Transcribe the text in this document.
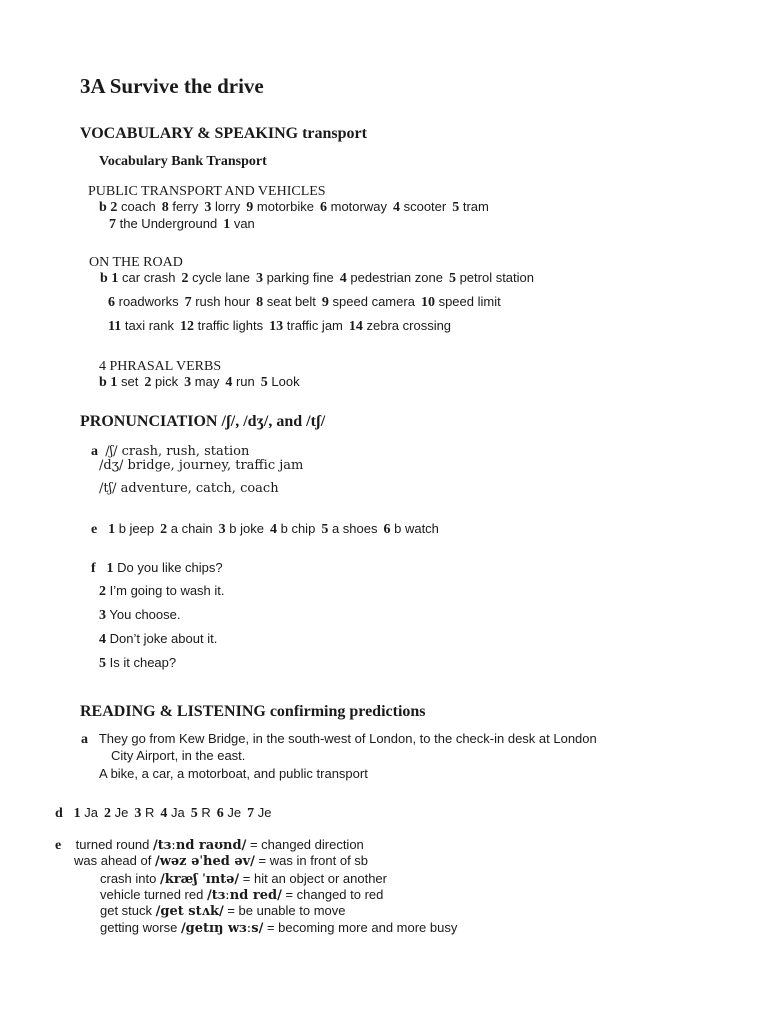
3A Survive the drive
VOCABULARY & SPEAKING transport
Vocabulary Bank Transport
PUBLIC TRANSPORT AND VEHICLES
b 2 coach 8 ferry 3 lorry 9 motorbike 6 motorway 4 scooter 5 tram
7 the Underground 1 van
ON THE ROAD
b 1 car crash 2 cycle lane 3 parking fine 4 pedestrian zone 5 petrol station
6 roadworks 7 rush hour 8 seat belt 9 speed camera 10 speed limit
11 taxi rank 12 traffic lights 13 traffic jam 14 zebra crossing
4 PHRASAL VERBS
b 1 set 2 pick 3 may 4 run 5 Look
PRONUNCIATION /ʃ/, /dʒ/, and /tʃ/
a /ʃ/ crash, rush, station
/dʒ/ bridge, journey, traffic jam
/tʃ/ adventure, catch, coach
e 1 b jeep 2 a chain 3 b joke 4 b chip 5 a shoes 6 b watch
f 1 Do you like chips?
2 I’m going to wash it.
3 You choose.
4 Don’t joke about it.
5 Is it cheap?
READING & LISTENING confirming predictions
a They go from Kew Bridge, in the south-west of London, to the check-in desk at London
City Airport, in the east.
A bike, a car, a motorboat, and public transport
d 1 Ja 2 Je 3 R 4 Ja 5 R 6 Je 7 Je
e turned round /tɜːnd raʊnd/ = changed direction
was ahead of /wəz əˈhed əv/ = was in front of sb
crash into /kræʃ ˈɪntə/ = hit an object or another
vehicle turned red /tɜːnd red/ = changed to red
get stuck /get stʌk/ = be unable to move
getting worse /getɪŋ wɜːs/ = becoming more and more busy
